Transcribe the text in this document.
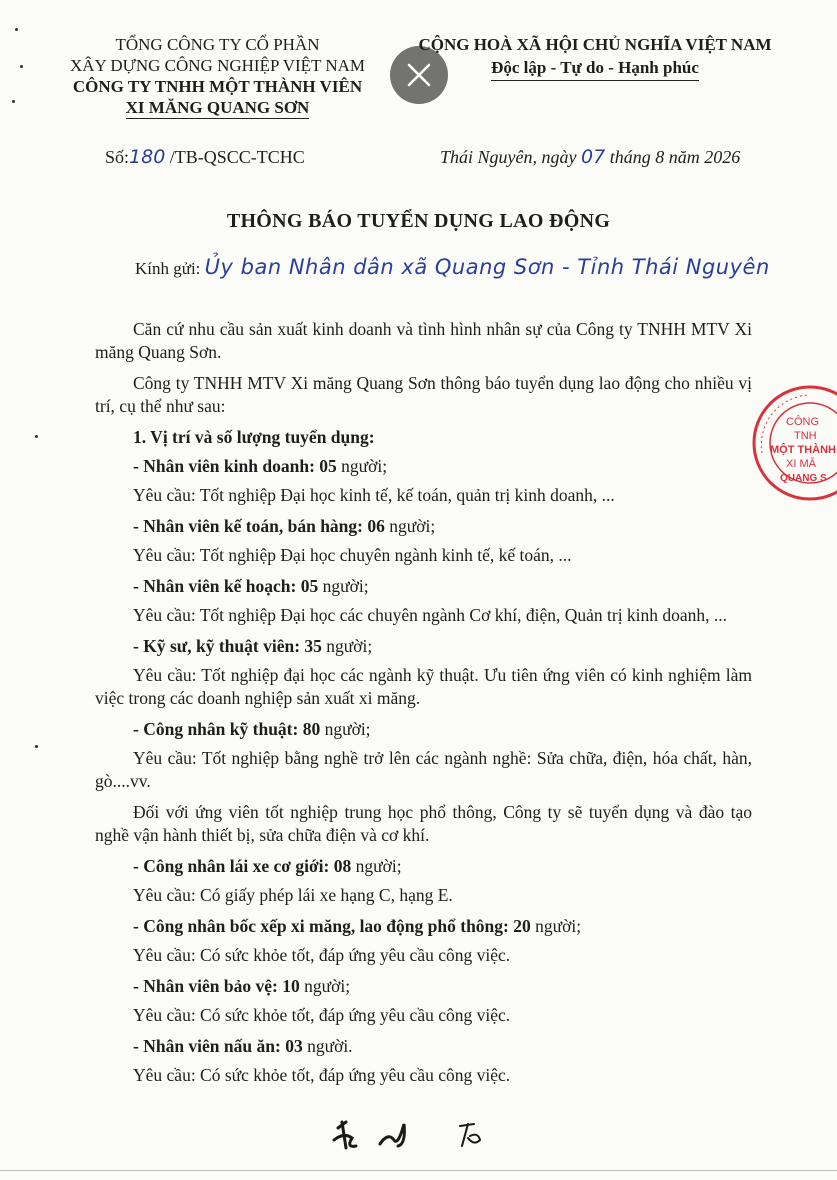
TỔNG CÔNG TY CỔ PHẦN
XÂY DỰNG CÔNG NGHIỆP VIỆT NAM
CÔNG TY TNHH MỘT THÀNH VIÊN
XI MĂNG QUANG SƠN
CỘNG HOÀ XÃ HỘI CHỦ NGHĨA VIỆT NAM
Độc lập - Tự do - Hạnh phúc
Số:180 /TB-QSCC-TCHC	Thái Nguyên, ngày 07 tháng 8 năm 2026
THÔNG BÁO TUYỂN DỤNG LAO ĐỘNG
Kính gửi: Ủy ban Nhân dân xã Quang Sơn - Tỉnh Thái Nguyên

Căn cứ nhu cầu sản xuất kinh doanh và tình hình nhân sự của Công ty TNHH MTV Xi măng Quang Sơn.

Công ty TNHH MTV Xi măng Quang Sơn thông báo tuyển dụng lao động cho nhiều vị trí, cụ thể như sau:

1. Vị trí và số lượng tuyển dụng:
- Nhân viên kinh doanh: 05 người;
Yêu cầu: Tốt nghiệp Đại học kinh tế, kế toán, quản trị kinh doanh, ...
- Nhân viên kế toán, bán hàng: 06 người;
Yêu cầu: Tốt nghiệp Đại học chuyên ngành kinh tế, kế toán, ...
- Nhân viên kế hoạch: 05 người;
Yêu cầu: Tốt nghiệp Đại học các chuyên ngành Cơ khí, điện, Quản trị kinh doanh, ...
- Kỹ sư, kỹ thuật viên: 35 người;
Yêu cầu: Tốt nghiệp đại học các ngành kỹ thuật. Ưu tiên ứng viên có kinh nghiệm làm việc trong các doanh nghiệp sản xuất xi măng.
- Công nhân kỹ thuật: 80 người;
Yêu cầu: Tốt nghiệp bằng nghề trở lên các ngành nghề: Sửa chữa, điện, hóa chất, hàn, gò....vv.

Đối với ứng viên tốt nghiệp trung học phổ thông, Công ty sẽ tuyển dụng và đào tạo nghề vận hành thiết bị, sửa chữa điện và cơ khí.

- Công nhân lái xe cơ giới: 08 người;
Yêu cầu: Có giấy phép lái xe hạng C, hạng E.
- Công nhân bốc xếp xi măng, lao động phổ thông: 20 người;
Yêu cầu: Có sức khỏe tốt, đáp ứng yêu cầu công việc.
- Nhân viên bảo vệ: 10 người;
Yêu cầu: Có sức khỏe tốt, đáp ứng yêu cầu công việc.
- Nhân viên nấu ăn: 03 người.
Yêu cầu: Có sức khỏe tốt, đáp ứng yêu cầu công việc.
CÔNG
TNH
MỘT THÀNH
XI MĂ
QUANG S
